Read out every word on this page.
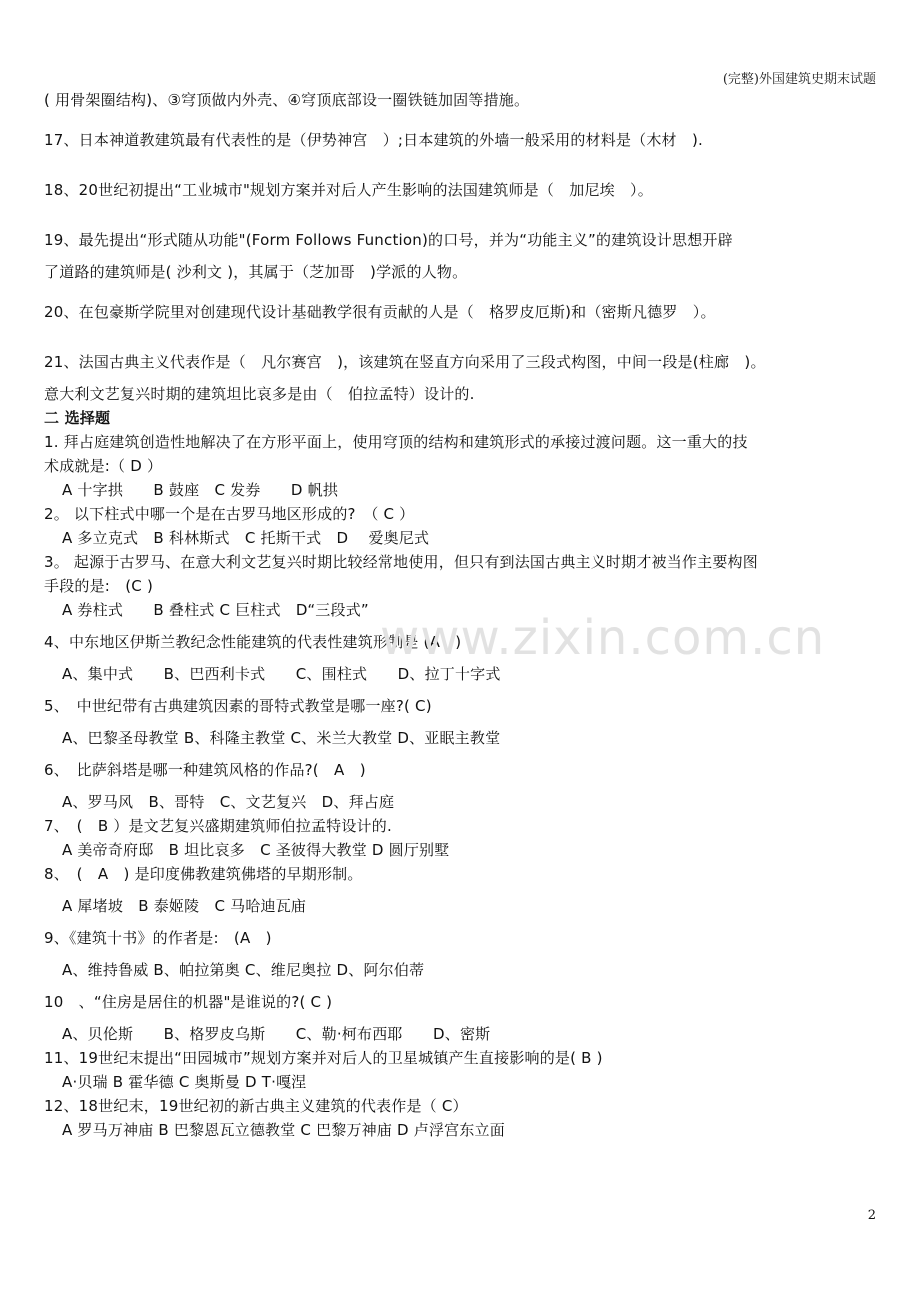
(完整)外国建筑史期末试题
( 用骨架圈结构)、③穹顶做内外壳、④穹顶底部设一圈铁链加固等措施。
17、日本神道教建筑最有代表性的是（伊势神宫　）;日本建筑的外墙一般采用的材料是（木材　).
18、20世纪初提出“工业城市"规划方案并对后人产生影响的法国建筑师是（　加尼埃　）。
19、最先提出“形式随从功能"(Form Follows Function)的口号，并为“功能主义”的建筑设计思想开辟
了道路的建筑师是( 沙利文 )，其属于（芝加哥　)学派的人物。
20、在包豪斯学院里对创建现代设计基础教学很有贡献的人是（　格罗皮厄斯)和（密斯凡德罗　）。
21、法国古典主义代表作是（　凡尔赛宫　)，该建筑在竖直方向采用了三段式构图，中间一段是(柱廊　)。
意大利文艺复兴时期的建筑坦比哀多是由（　伯拉孟特）设计的.
二 选择题
1. 拜占庭建筑创造性地解决了在方形平面上，使用穹顶的结构和建筑形式的承接过渡问题。这一重大的技
术成就是:（ D ）
A 十字拱　　B 鼓座　C 发券　　D 帆拱
2。 以下柱式中哪一个是在古罗马地区形成的?　（ C ）
A 多立克式　B 科林斯式　C 托斯干式　D　 爱奥尼式
3。 起源于古罗马、在意大利文艺复兴时期比较经常地使用，但只有到法国古典主义时期才被当作主要构图
手段的是:　(C )
A 券柱式　　B 叠柱式 C 巨柱式　D“三段式”
4、中东地区伊斯兰教纪念性能建筑的代表性建筑形制是 (A　)
A、集中式　　B、巴西利卡式　　C、围柱式　　D、拉丁十字式
5、　中世纪带有古典建筑因素的哥特式教堂是哪一座?( C)
A、巴黎圣母教堂 B、科隆主教堂 C、米兰大教堂 D、亚眠主教堂
6、　比萨斜塔是哪一种建筑风格的作品?(　A　)
A、罗马风　B、哥特　C、文艺复兴　D、拜占庭
7、　(　B ）是文艺复兴盛期建筑师伯拉孟特设计的.
A 美帝奇府邸　B 坦比哀多　C 圣彼得大教堂 D 圆厅别墅
8、　(　A　) 是印度佛教建筑佛塔的早期形制。
A 犀堵坡　B 泰姬陵　C 马哈迪瓦庙
9、《建筑十书》的作者是:　(A　)
A、维持鲁威 B、帕拉第奥 C、维尼奥拉 D、阿尔伯蒂
10　、“住房是居住的机器"是谁说的?( C )
A、贝伦斯　　B、格罗皮乌斯　　C、勒·柯布西耶　　D、密斯
11、19世纪末提出“田园城市”规划方案并对后人的卫星城镇产生直接影响的是( B )
A·贝瑞 B 霍华德 C 奥斯曼 D T·嘎涅
12、18世纪末，19世纪初的新古典主义建筑的代表作是（ C）
A 罗马万神庙 B 巴黎恩瓦立德教堂 C 巴黎万神庙 D 卢浮宫东立面
www.zixin.com.cn
2
